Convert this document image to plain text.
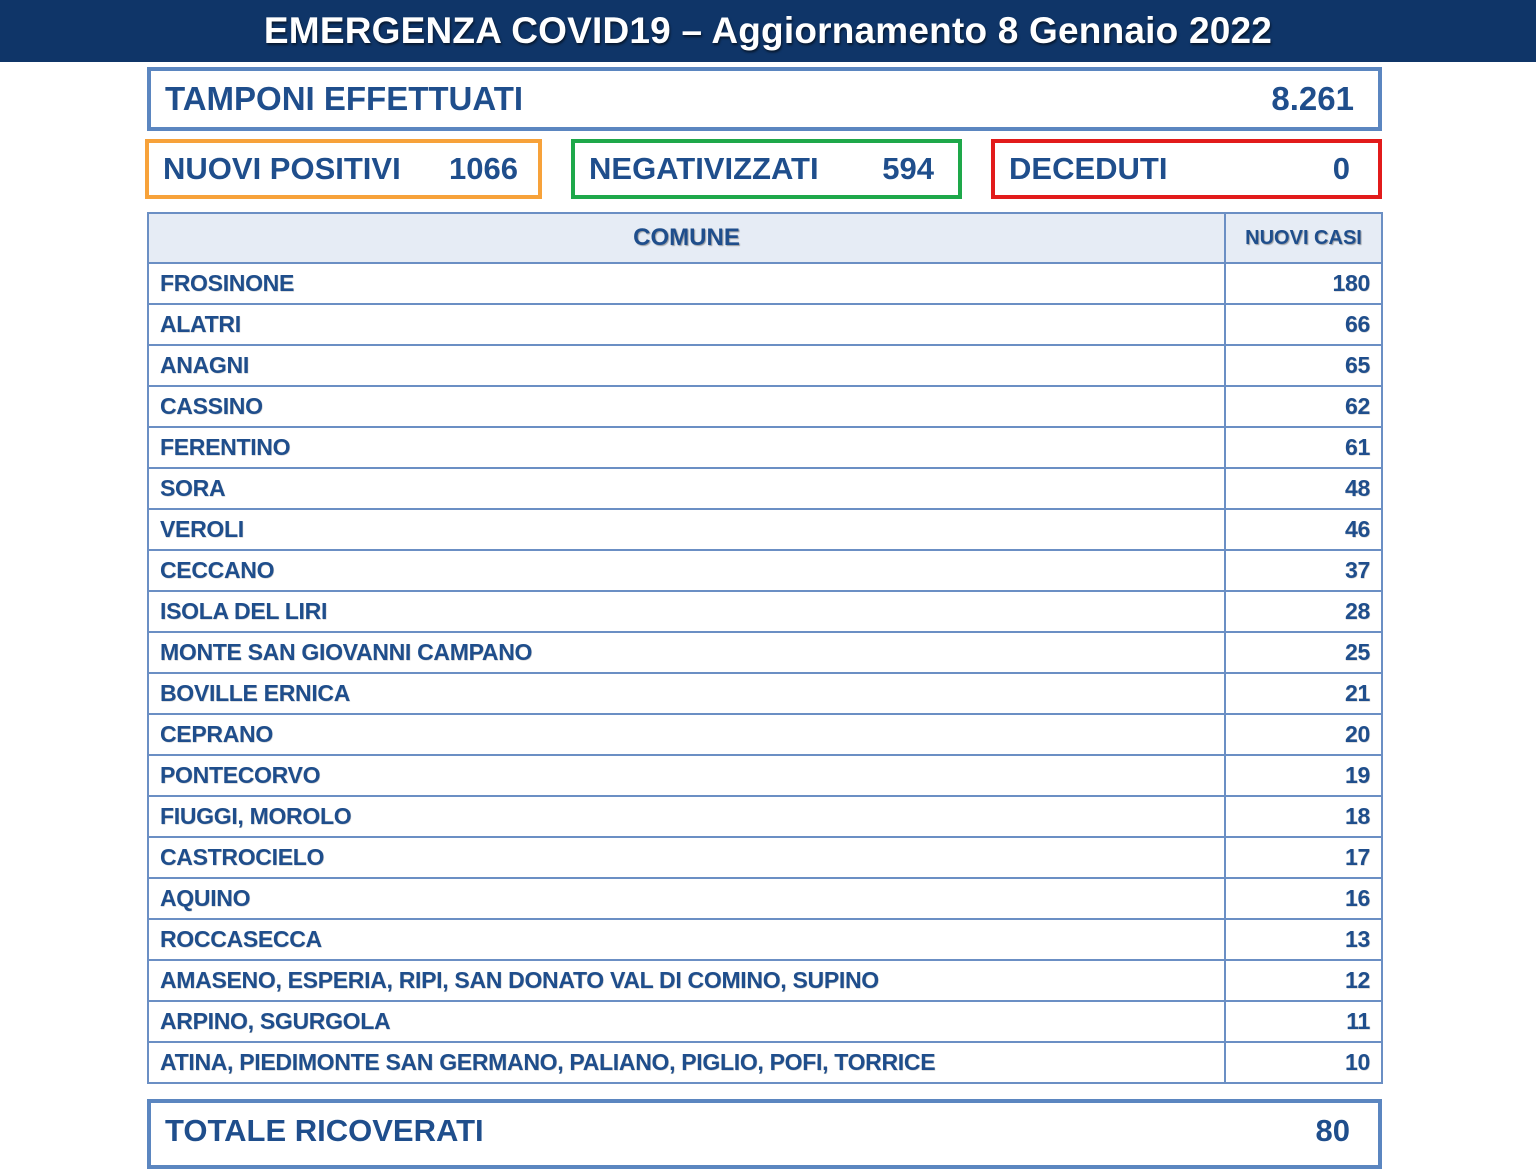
EMERGENZA COVID19 – Aggiornamento 8 Gennaio 2022
TAMPONI EFFETTUATI	8.261
NUOVI POSITIVI 1066 NEGATIVIZZATI 594 DECEDUTI	0
COMUNE	NUOVI CASI
FROSINONE	180
ALATRI	66
ANAGNI	65
CASSINO	62
FERENTINO	61
SORA	48
VEROLI	46
CECCANO	37
ISOLA DEL LIRI	28
MONTE SAN GIOVANNI CAMPANO	25
BOVILLE ERNICA	21
CEPRANO	20
PONTECORVO	19
FIUGGI, MOROLO	18
CASTROCIELO	17
AQUINO	16
ROCCASECCA	13
AMASENO, ESPERIA, RIPI, SAN DONATO VAL DI COMINO, SUPINO	12
ARPINO, SGURGOLA	11
ATINA, PIEDIMONTE SAN GERMANO, PALIANO, PIGLIO, POFI, TORRICE	10
TOTALE RICOVERATI	80
